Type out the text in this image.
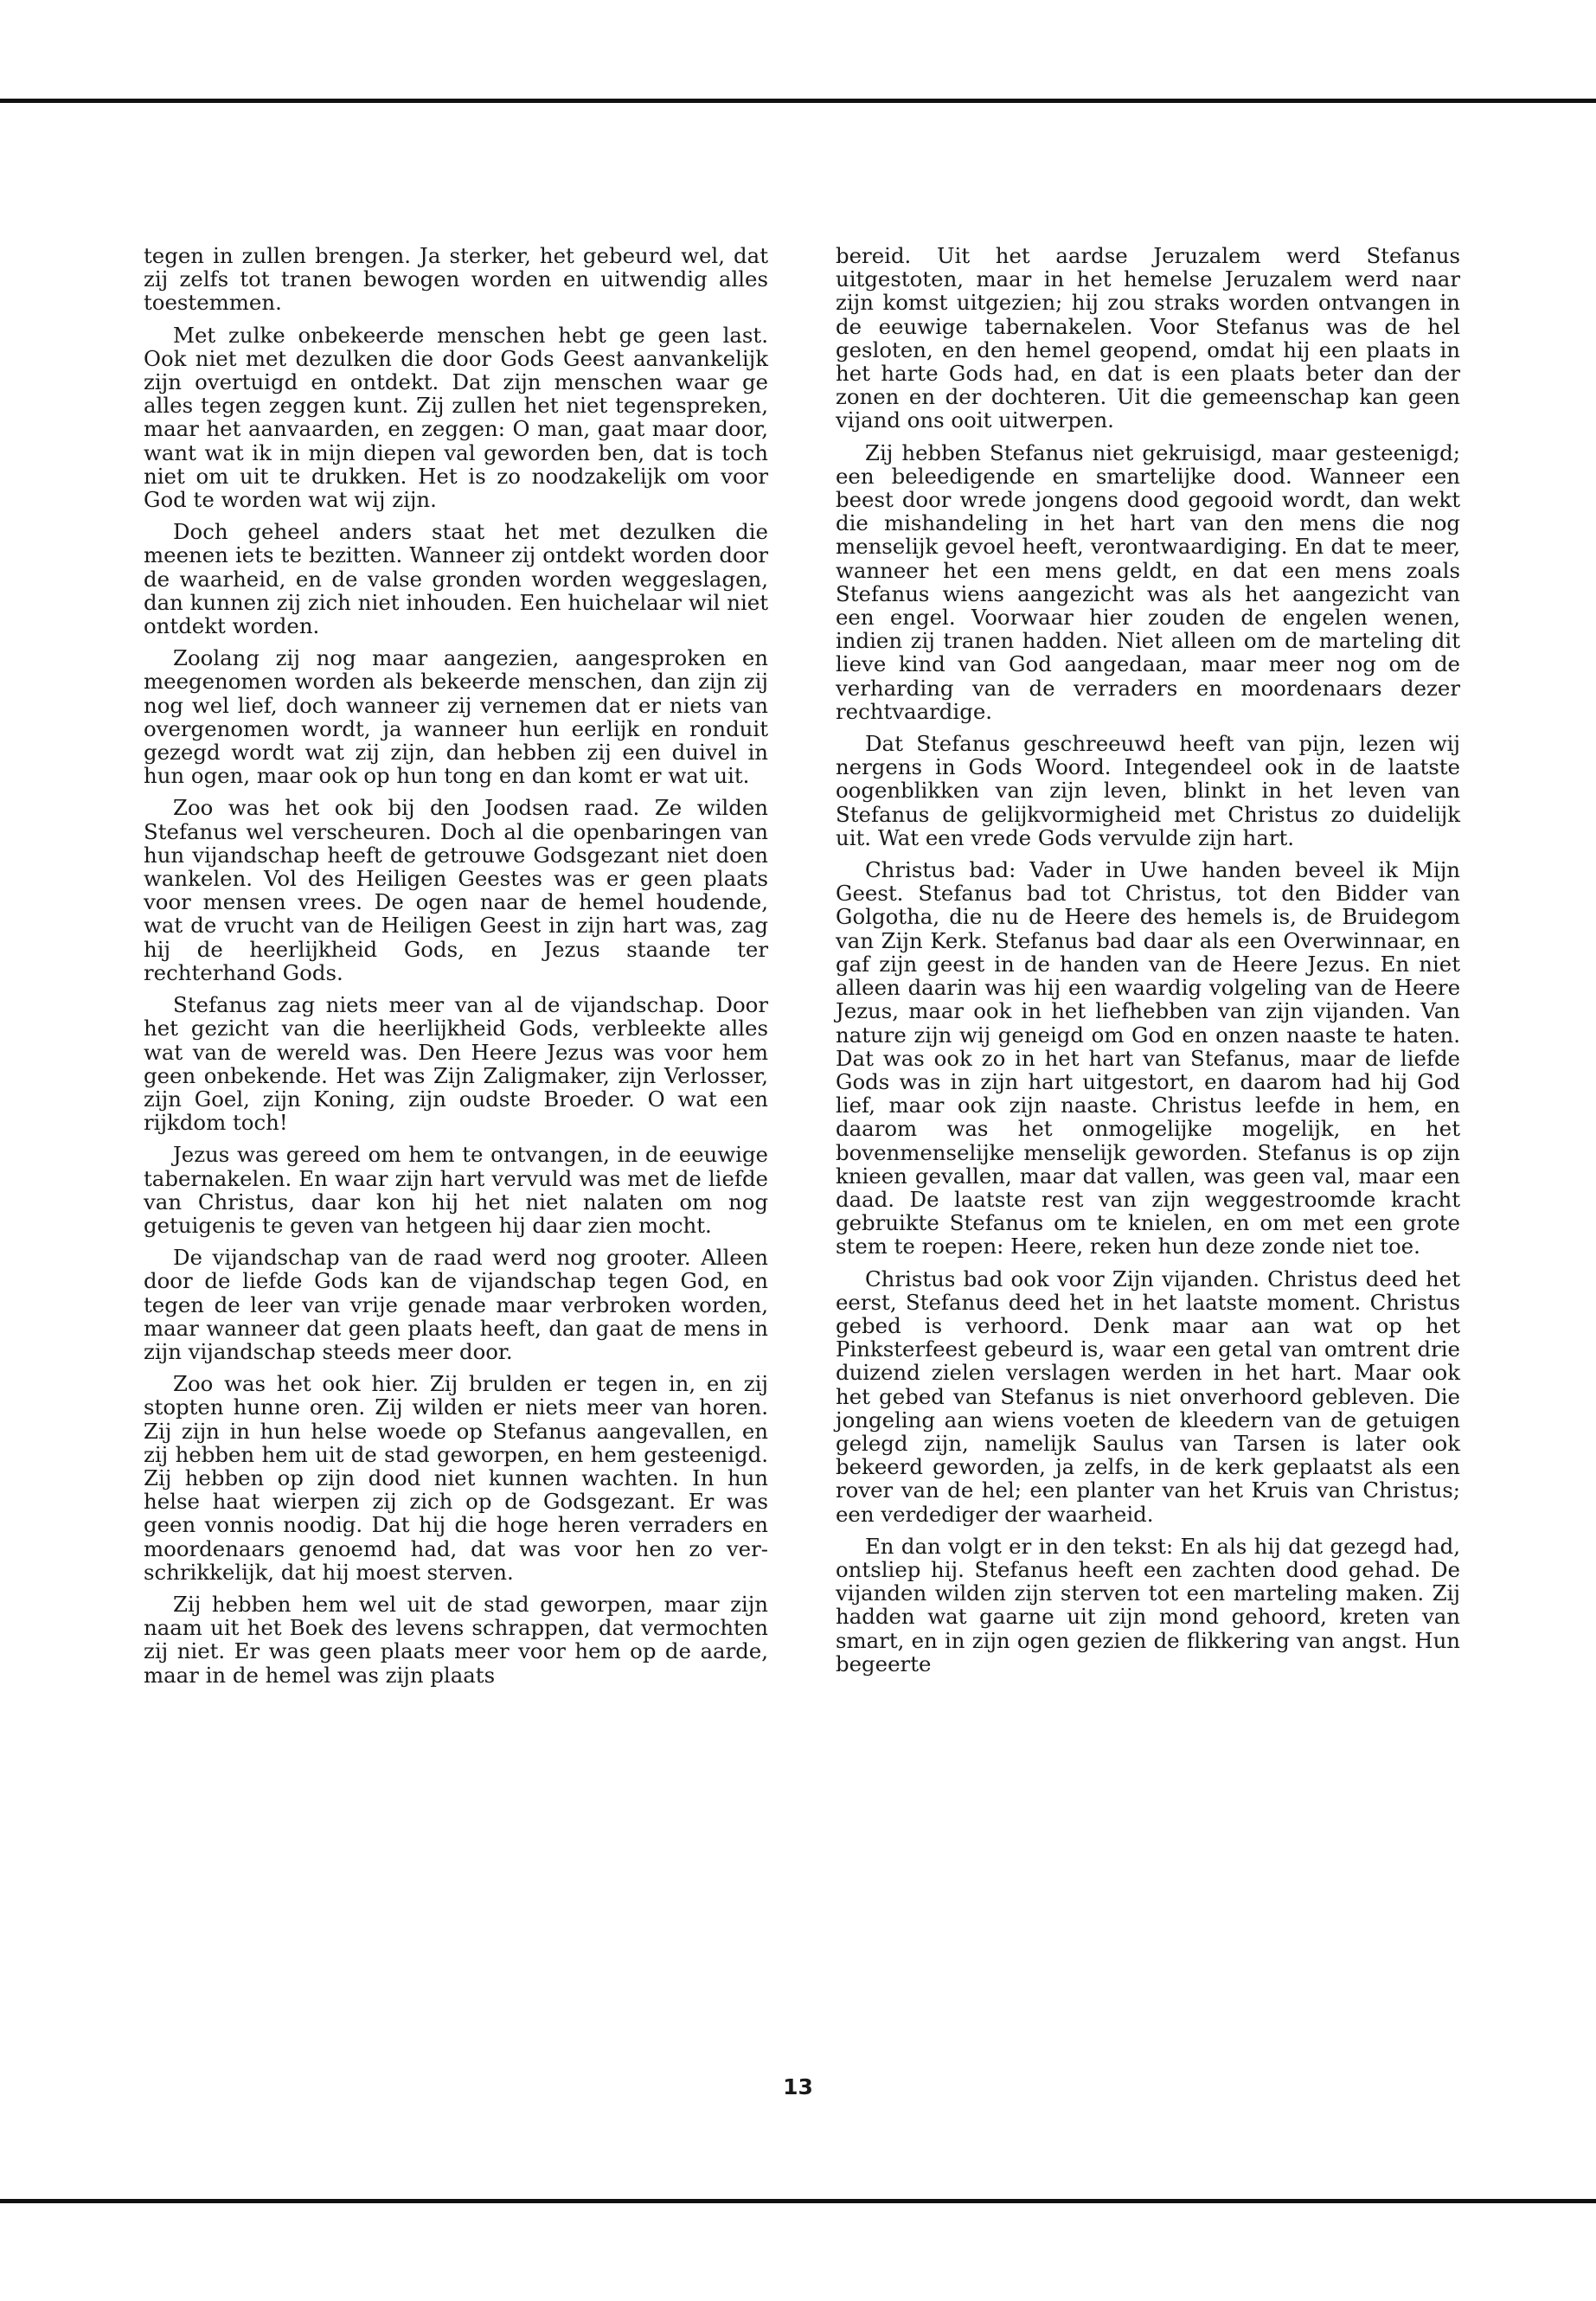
tegen in zullen brengen. Ja sterker, het gebeurd wel, dat zij zelfs tot tranen bewogen worden en uitwendig alles toestemmen.

Met zulke onbekeerde menschen hebt ge geen last. Ook niet met dezulken die door Gods Geest aanvankelijk zijn overtuigd en ontdekt. Dat zijn menschen waar ge alles tegen zeggen kunt. Zij zullen het niet tegenspreken, maar het aanvaarden, en zeggen: O man, gaat maar door, want wat ik in mijn diepen val geworden ben, dat is toch niet om uit te drukken. Het is zo noodzakelijk om voor God te worden wat wij zijn.

Doch geheel anders staat het met dezulken die meenen iets te bezitten. Wanneer zij ontdekt worden door de waarheid, en de valse gronden worden weggeslagen, dan kunnen zij zich niet inhouden. Een huichelaar wil niet ontdekt worden.

Zoolang zij nog maar aangezien, aangesproken en meegenomen worden als bekeerde menschen, dan zijn zij nog wel lief, doch wanneer zij vernemen dat er niets van overgenomen wordt, ja wanneer hun eerlijk en ronduit gezegd wordt wat zij zijn, dan hebben zij een duivel in hun ogen, maar ook op hun tong en dan komt er wat uit.

Zoo was het ook bij den Joodsen raad. Ze wilden Stefanus wel verscheuren. Doch al die openbaringen van hun vijandschap heeft de getrouwe Godsgezant niet doen wankelen. Vol des Heiligen Geestes was er geen plaats voor mensen vrees. De ogen naar de hemel houdende, wat de vrucht van de Heiligen Geest in zijn hart was, zag hij de heerlijkheid Gods, en Jezus staande ter rechterhand Gods.

Stefanus zag niets meer van al de vijandschap. Door het gezicht van die heerlijkheid Gods, verbleekte alles wat van de wereld was. Den Heere Jezus was voor hem geen onbekende. Het was Zijn Zaligmaker, zijn Verlosser, zijn Goel, zijn Koning, zijn oudste Broeder. O wat een rijkdom toch!

Jezus was gereed om hem te ontvangen, in de eeuwige tabernakelen. En waar zijn hart vervuld was met de liefde van Christus, daar kon hij het niet nalaten om nog getuigenis te geven van hetgeen hij daar zien mocht.

De vijandschap van de raad werd nog grooter. Alleen door de liefde Gods kan de vijandschap tegen God, en tegen de leer van vrije genade maar verbroken worden, maar wanneer dat geen plaats heeft, dan gaat de mens in zijn vijandschap steeds meer door.

Zoo was het ook hier. Zij brulden er tegen in, en zij stopten hunne oren. Zij wilden er niets meer van horen. Zij zijn in hun helse woede op Stefanus aangevallen, en zij hebben hem uit de stad geworpen, en hem gesteenigd. Zij hebben op zijn dood niet kunnen wachten. In hun helse haat wierpen zij zich op de Godsgezant. Er was geen vonnis noodig. Dat hij die hoge heren verraders en moordenaars genoemd had, dat was voor hen zo verschrikkelijk, dat hij moest sterven.

Zij hebben hem wel uit de stad geworpen, maar zijn naam uit het Boek des levens schrappen, dat vermochten zij niet. Er was geen plaats meer voor hem op de aarde, maar in de hemel was zijn plaats

bereid. Uit het aardse Jeruzalem werd Stefanus uitgestoten, maar in het hemelse Jeruzalem werd naar zijn komst uitgezien; hij zou straks worden ontvangen in de eeuwige tabernakelen. Voor Stefanus was de hel gesloten, en den hemel geopend, omdat hij een plaats in het harte Gods had, en dat is een plaats beter dan der zonen en der dochteren. Uit die gemeenschap kan geen vijand ons ooit uitwerpen.

Zij hebben Stefanus niet gekruisigd, maar gesteenigd; een beleedigende en smartelijke dood. Wanneer een beest door wrede jongens dood gegooid wordt, dan wekt die mishandeling in het hart van den mens die nog menselijk gevoel heeft, verontwaardiging. En dat te meer, wanneer het een mens geldt, en dat een mens zoals Stefanus wiens aangezicht was als het aangezicht van een engel. Voorwaar hier zouden de engelen wenen, indien zij tranen hadden. Niet alleen om de marteling dit lieve kind van God aangedaan, maar meer nog om de verharding van de verraders en moordenaars dezer rechtvaardige.

Dat Stefanus geschreeuwd heeft van pijn, lezen wij nergens in Gods Woord. Integendeel ook in de laatste oogenblikken van zijn leven, blinkt in het leven van Stefanus de gelijkvormigheid met Christus zo duidelijk uit. Wat een vrede Gods vervulde zijn hart.

Christus bad: Vader in Uwe handen beveel ik Mijn Geest. Stefanus bad tot Christus, tot den Bidder van Golgotha, die nu de Heere des hemels is, de Bruidegom van Zijn Kerk. Stefanus bad daar als een Overwinnaar, en gaf zijn geest in de handen van de Heere Jezus. En niet alleen daarin was hij een waardig volgeling van de Heere Jezus, maar ook in het liefhebben van zijn vijanden. Van nature zijn wij geneigd om God en onzen naaste te haten. Dat was ook zo in het hart van Stefanus, maar de liefde Gods was in zijn hart uitgestort, en daarom had hij God lief, maar ook zijn naaste. Christus leefde in hem, en daarom was het onmogelijke mogelijk, en het bovenmenselijke menselijk geworden. Stefanus is op zijn knieen gevallen, maar dat vallen, was geen val, maar een daad. De laatste rest van zijn weggestroomde kracht gebruikte Stefanus om te knielen, en om met een grote stem te roepen: Heere, reken hun deze zonde niet toe.

Christus bad ook voor Zijn vijanden. Christus deed het eerst, Stefanus deed het in het laatste moment. Christus gebed is verhoord. Denk maar aan wat op het Pinksterfeest gebeurd is, waar een getal van omtrent drie duizend zielen verslagen werden in het hart. Maar ook het gebed van Stefanus is niet onverhoord gebleven. Die jongeling aan wiens voeten de kleedern van de getuigen gelegd zijn, namelijk Saulus van Tarsen is later ook bekeerd geworden, ja zelfs, in de kerk geplaatst als een rover van de hel; een planter van het Kruis van Christus; een verdediger der waarheid.

En dan volgt er in den tekst: En als hij dat gezegd had, ontsliep hij. Stefanus heeft een zachten dood gehad. De vijanden wilden zijn sterven tot een marteling maken. Zij hadden wat gaarne uit zijn mond gehoord, kreten van smart, en in zijn ogen gezien de flikkering van angst. Hun begeerte

13
